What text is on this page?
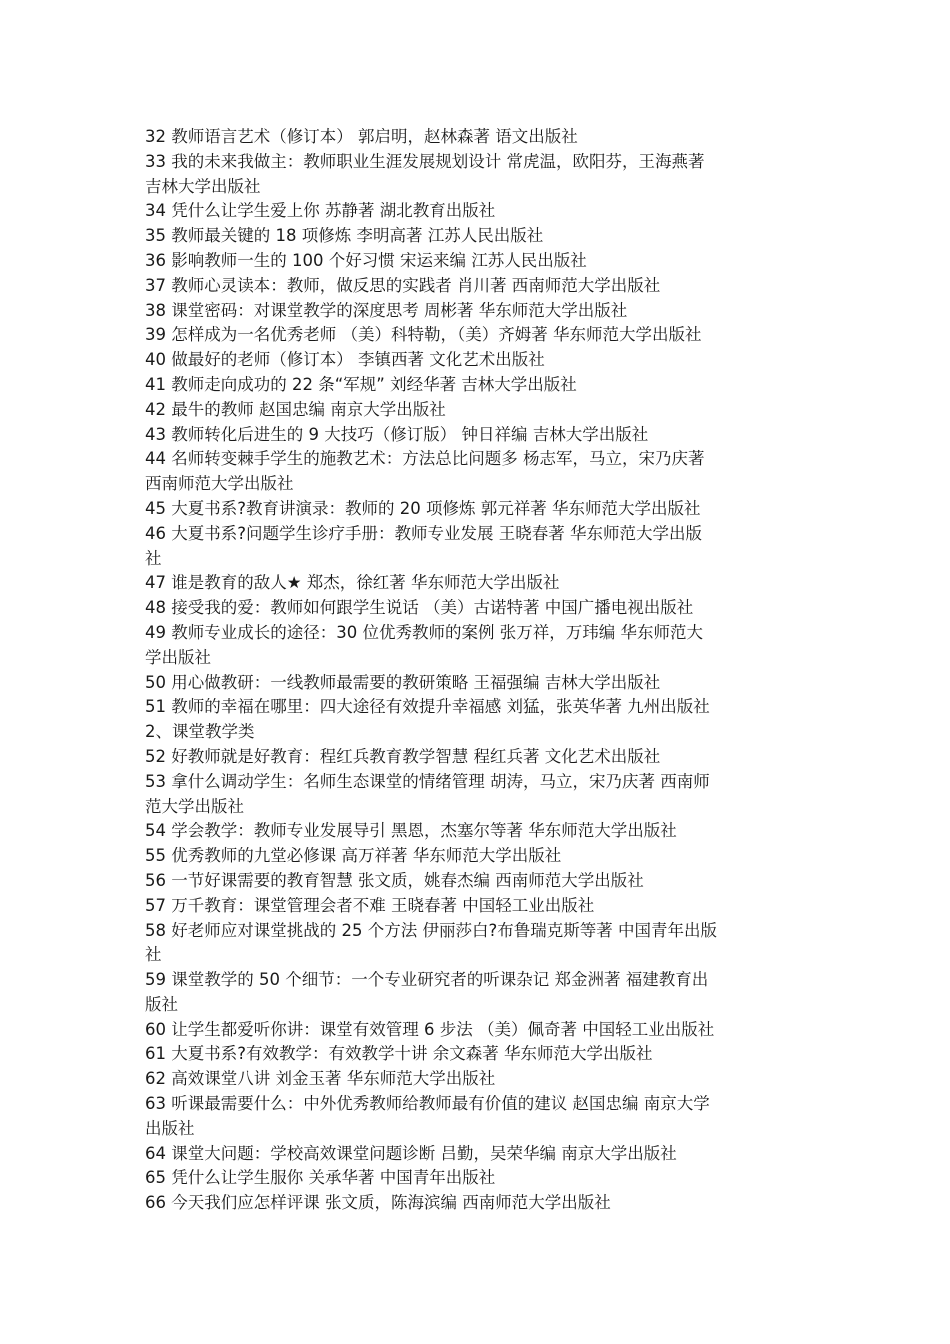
32 教师语言艺术（修订本） 郭启明，赵林森著 语文出版社
33 我的未来我做主：教师职业生涯发展规划设计 常虎温，欧阳芬，王海燕著
吉林大学出版社
34 凭什么让学生爱上你 苏静著 湖北教育出版社
35 教师最关键的 18 项修炼 李明高著 江苏人民出版社
36 影响教师一生的 100 个好习惯 宋运来编 江苏人民出版社
37 教师心灵读本：教师，做反思的实践者 肖川著 西南师范大学出版社
38 课堂密码：对课堂教学的深度思考 周彬著 华东师范大学出版社
39 怎样成为一名优秀老师 （美）科特勒，（美）齐姆著 华东师范大学出版社
40 做最好的老师（修订本） 李镇西著 文化艺术出版社
41 教师走向成功的 22 条“军规” 刘经华著 吉林大学出版社
42 最牛的教师 赵国忠编 南京大学出版社
43 教师转化后进生的 9 大技巧（修订版） 钟日祥编 吉林大学出版社
44 名师转变棘手学生的施教艺术：方法总比问题多 杨志军，马立，宋乃庆著
西南师范大学出版社
45 大夏书系?教育讲演录：教师的 20 项修炼 郭元祥著 华东师范大学出版社
46 大夏书系?问题学生诊疗手册：教师专业发展 王晓春著 华东师范大学出版
社
47 谁是教育的敌人★ 郑杰，徐红著 华东师范大学出版社
48 接受我的爱：教师如何跟学生说话 （美）古诺特著 中国广播电视出版社
49 教师专业成长的途径：30 位优秀教师的案例 张万祥，万玮编 华东师范大
学出版社
50 用心做教研：一线教师最需要的教研策略 王福强编 吉林大学出版社
51 教师的幸福在哪里：四大途径有效提升幸福感 刘猛，张英华著 九州出版社
2、课堂教学类
52 好教师就是好教育：程红兵教育教学智慧 程红兵著 文化艺术出版社
53 拿什么调动学生：名师生态课堂的情绪管理 胡涛，马立，宋乃庆著 西南师
范大学出版社
54 学会教学：教师专业发展导引 黑恩，杰塞尔等著 华东师范大学出版社
55 优秀教师的九堂必修课 高万祥著 华东师范大学出版社
56 一节好课需要的教育智慧 张文质，姚春杰编 西南师范大学出版社
57 万千教育：课堂管理会者不难 王晓春著 中国轻工业出版社
58 好老师应对课堂挑战的 25 个方法 伊丽莎白?布鲁瑞克斯等著 中国青年出版
社
59 课堂教学的 50 个细节：一个专业研究者的听课杂记 郑金洲著 福建教育出
版社
60 让学生都爱听你讲：课堂有效管理 6 步法 （美）佩奇著 中国轻工业出版社
61 大夏书系?有效教学：有效教学十讲 余文森著 华东师范大学出版社
62 高效课堂八讲 刘金玉著 华东师范大学出版社
63 听课最需要什么：中外优秀教师给教师最有价值的建议 赵国忠编 南京大学
出版社
64 课堂大问题：学校高效课堂问题诊断 吕勤，吴荣华编 南京大学出版社
65 凭什么让学生服你 关承华著 中国青年出版社
66 今天我们应怎样评课 张文质，陈海滨编 西南师范大学出版社
